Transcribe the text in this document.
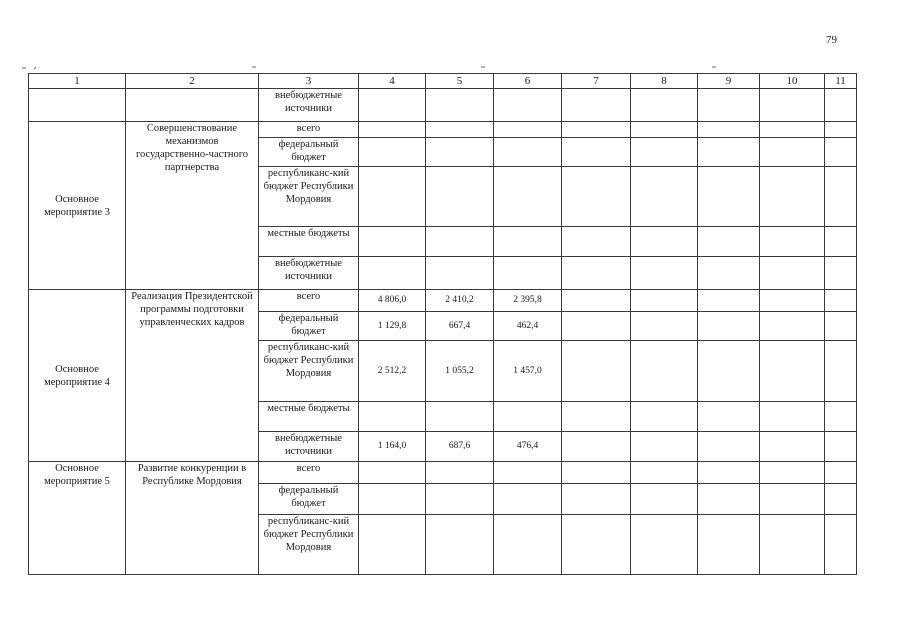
79
1	2	3	4	5	6	7	8	9	10	11
		внебюджетные источники								
Основное мероприятие 3	Совершенствование механизмов государственно-частного партнерства	всего								
		федеральный бюджет								
		республиканс-кий бюджет Республики Мордовия								
		местные бюджеты								
		внебюджетные источники								
Основное мероприятие 4	Реализация Президентской программы подготовки управленческих кадров	всего	4 806,0	2 410,2	2 395,8					
		федеральный бюджет	1 129,8	667,4	462,4					
		республиканс-кий бюджет Республики Мордовия	2 512,2	1 055,2	1 457,0					
		местные бюджеты								
		внебюджетные источники	1 164,0	687,6	476,4					
Основное мероприятие 5	Развитие конкуренции в Республике Мордовия	всего								
		федеральный бюджет								
		республиканс-кий бюджет Республики Мордовия								
